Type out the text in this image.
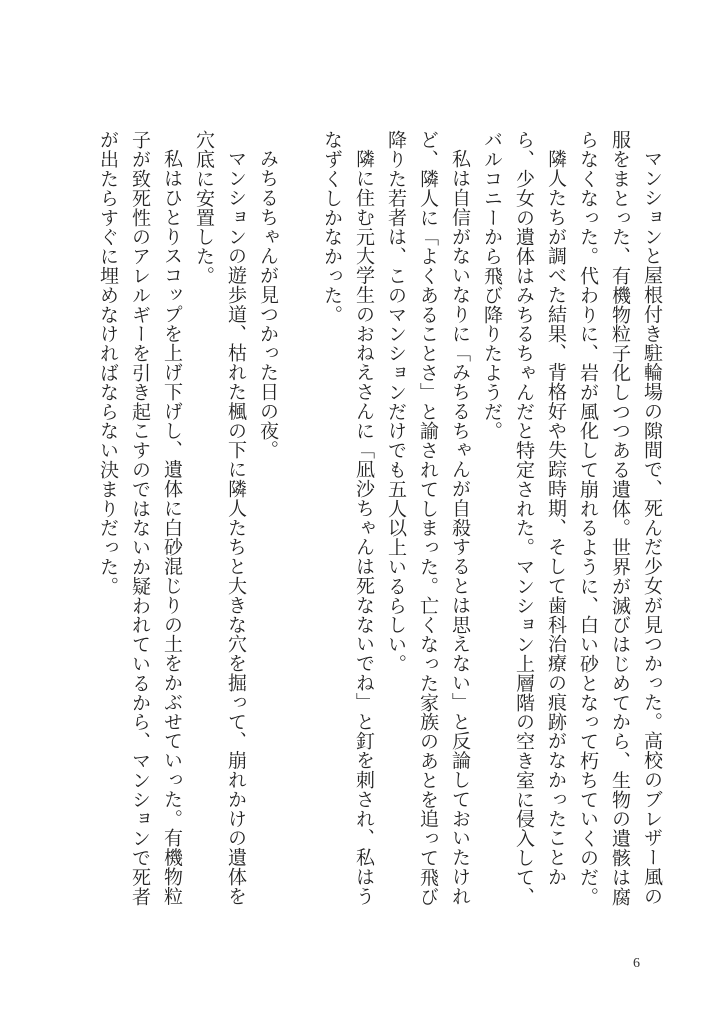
マンションと屋根付き駐輪場の隙間で、死んだ少女が見つかった。高校のブレザー風の服をまとった、有機物粒子化しつつある遺体。世界が滅びはじめてから、生物の遺骸は腐らなくなった。代わりに、岩が風化して崩れるように、白い砂となって朽ちていくのだ。

隣人たちが調べた結果、背格好や失踪時期、そして歯科治療の痕跡がなかったことから、少女の遺体はみちるちゃんだと特定された。マンション上層階の空き室に侵入して、バルコニーから飛び降りたようだ。

私は自信がないなりに「みちるちゃんが自殺するとは思えない」と反論しておいたけれど、隣人に「よくあることさ」と諭されてしまった。亡くなった家族のあとを追って飛び降りた若者は、このマンションだけでも五人以上いるらしい。

隣に住む元大学生のおねえさんに「凪沙ちゃんは死なないでね」と釘を刺され、私はうなずくしかなかった。

みちるちゃんが見つかった日の夜。

マンションの遊歩道、枯れた楓の下に隣人たちと大きな穴を掘って、崩れかけの遺体を穴底に安置した。

私はひとりスコップを上げ下げし、遺体に白砂混じりの土をかぶせていった。有機物粒子が致死性のアレルギーを引き起こすのではないか疑われているから、マンションで死者が出たらすぐに埋めなければならない決まりだった。

6
